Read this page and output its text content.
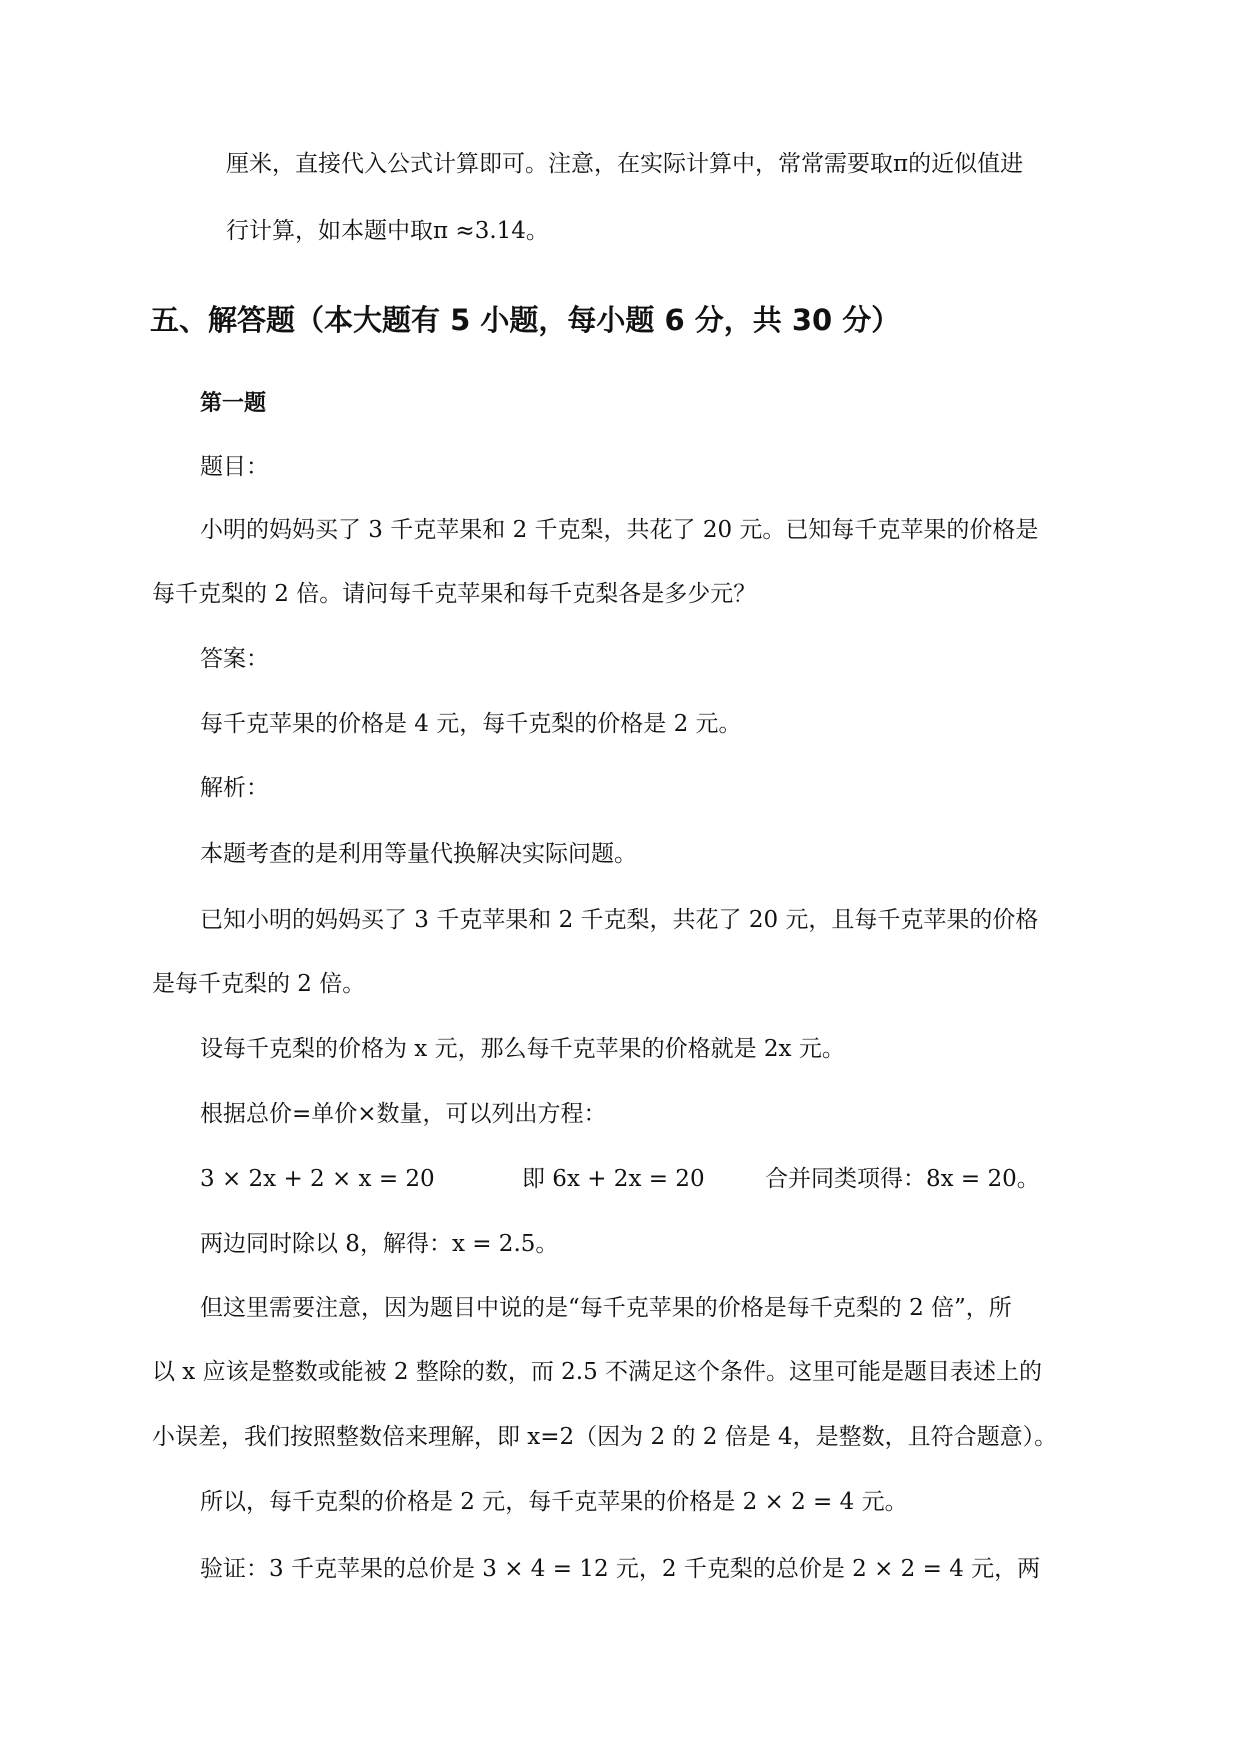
厘米，直接代入公式计算即可。注意，在实际计算中，常常需要取π的近似值进

行计算，如本题中取π ≈3.14。

五、解答题（本大题有 5 小题，每小题 6 分，共 30 分）
第一题

题目：

小明的妈妈买了 3 千克苹果和 2 千克梨，共花了 20 元。已知每千克苹果的价格是

每千克梨的 2 倍。请问每千克苹果和每千克梨各是多少元？

答案：

每千克苹果的价格是 4 元，每千克梨的价格是 2 元。

解析：

本题考查的是利用等量代换解决实际问题。

已知小明的妈妈买了 3 千克苹果和 2 千克梨，共花了 20 元，且每千克苹果的价格

是每千克梨的 2 倍。

设每千克梨的价格为 x 元，那么每千克苹果的价格就是 2x 元。

根据总价=单价×数量，可以列出方程：

3 × 2x + 2 × x = 20	即 6x + 2x = 20	合并同类项得：8x = 20。

两边同时除以 8，解得：x = 2.5。

但这里需要注意，因为题目中说的是“每千克苹果的价格是每千克梨的 2 倍”，所

以 x 应该是整数或能被 2 整除的数，而 2.5 不满足这个条件。这里可能是题目表述上的

小误差，我们按照整数倍来理解，即 x=2（因为 2 的 2 倍是 4，是整数，且符合题意）。

所以，每千克梨的价格是 2 元，每千克苹果的价格是 2 × 2 = 4 元。

验证：3 千克苹果的总价是 3 × 4 = 12 元，2 千克梨的总价是 2 × 2 = 4 元，两
